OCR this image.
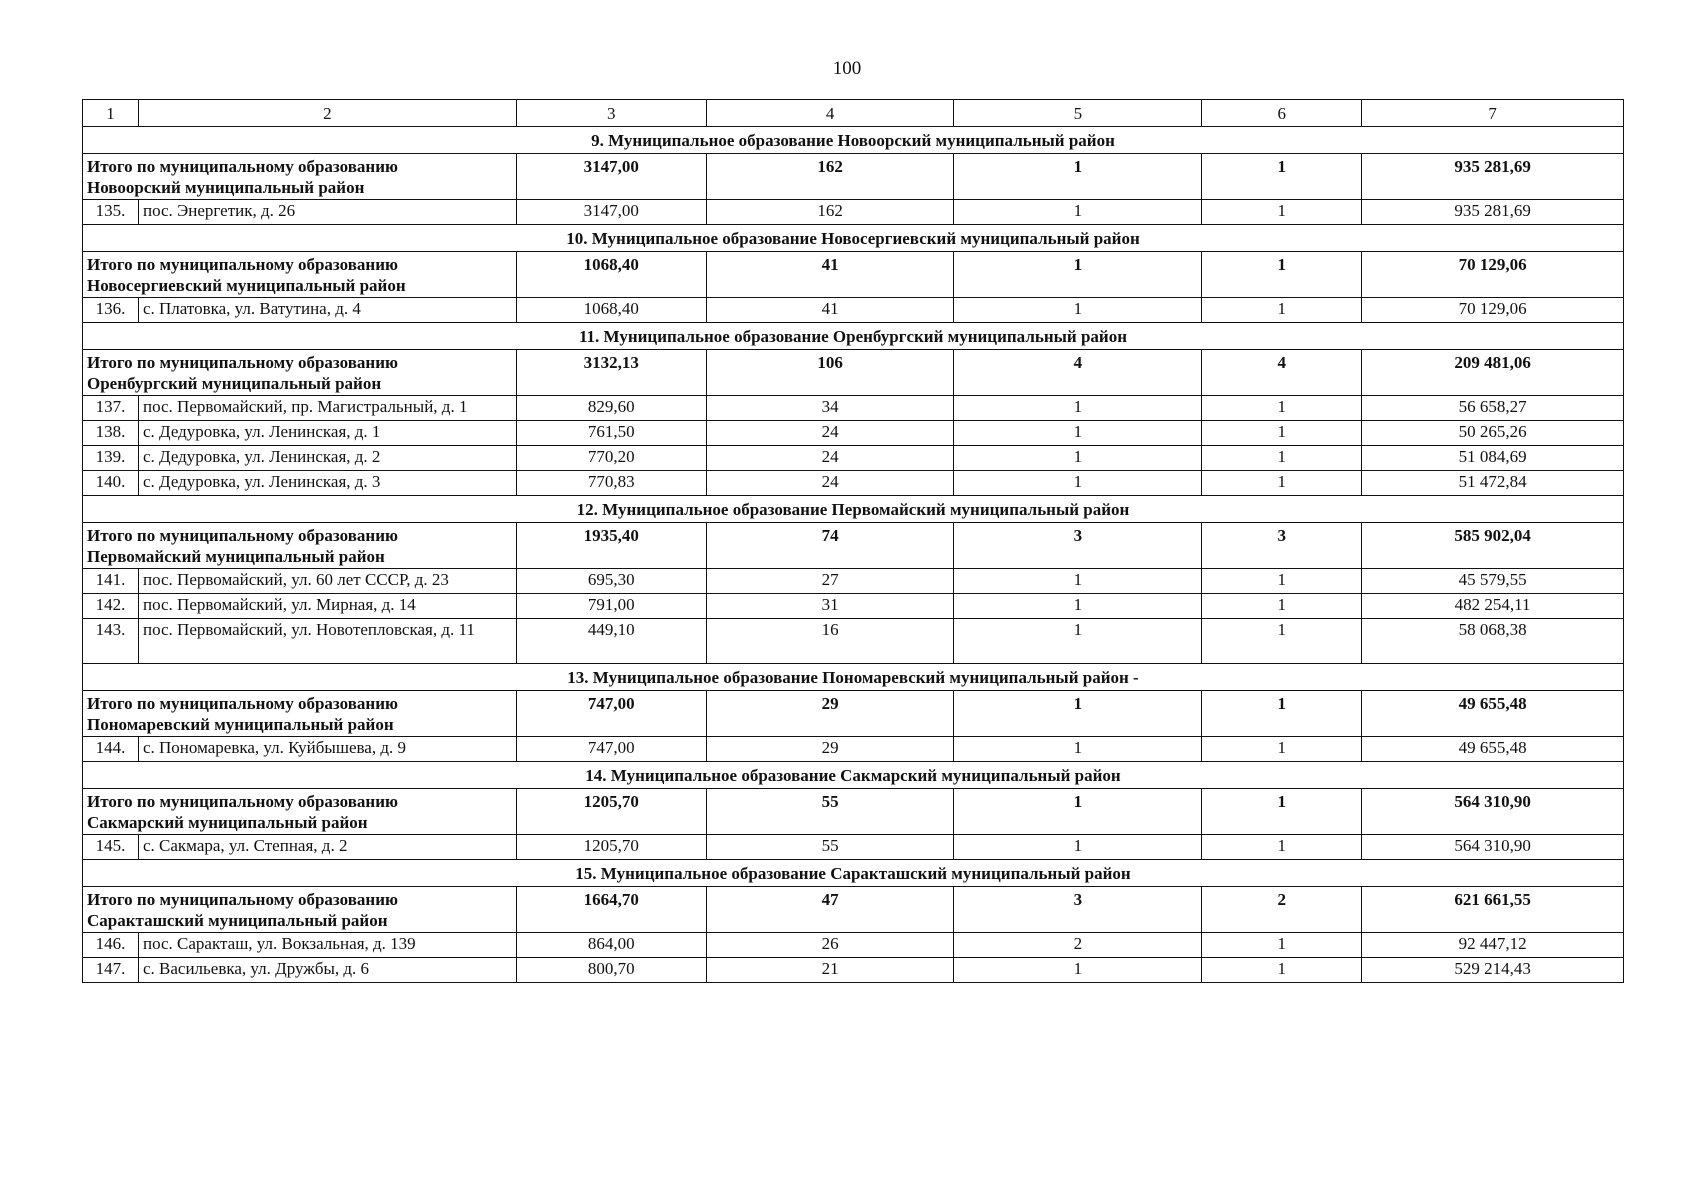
100
1	2	3	4	5	6	7
9. Муниципальное образование Новоорский муниципальный район						

Итого по муниципальному образованию
Новоорский муниципальный район		3147,00	162	1	1	935 281,69
135.	пос. Энергетик, д. 26	3147,00	162	1	1	935 281,69
10. Муниципальное образование Новосергиевский муниципальный район						

Итого по муниципальному образованию
Новосергиевский муниципальный район		1068,40	41	1	1	70 129,06
136.	с. Платовка, ул. Ватутина, д. 4	1068,40	41	1	1	70 129,06
11. Муниципальное образование Оренбургский муниципальный район						

Итого по муниципальному образованию
Оренбургский муниципальный район		3132,13	106	4	4	209 481,06
137.	пос. Первомайский, пр. Магистральный, д. 1	829,60	34	1	1	56 658,27
138.	с. Дедуровка, ул. Ленинская, д. 1	761,50	24	1	1	50 265,26
139.	с. Дедуровка, ул. Ленинская, д. 2	770,20	24	1	1	51 084,69
140.	с. Дедуровка, ул. Ленинская, д. 3	770,83	24	1	1	51 472,84
12. Муниципальное образование Первомайский муниципальный район						

Итого по муниципальному образованию
Первомайский муниципальный район		1935,40	74	3	3	585 902,04
141.	пос. Первомайский, ул. 60 лет СССР, д. 23	695,30	27	1	1	45 579,55
142.	пос. Первомайский, ул. Мирная, д. 14	791,00	31	1	1	482 254,11
143.	пос. Первомайский, ул. Новотепловская, д. 11	449,10	16	1	1	58 068,38
13. Муниципальное образование Пономаревский муниципальный район -						

Итого по муниципальному образованию
Пономаревский муниципальный район		747,00	29	1	1	49 655,48
144.	с. Пономаревка, ул. Куйбышева, д. 9	747,00	29	1	1	49 655,48
14. Муниципальное образование Сакмарский муниципальный район						

Итого по муниципальному образованию
Сакмарский муниципальный район		1205,70	55	1	1	564 310,90
145.	с. Сакмара, ул. Степная, д. 2	1205,70	55	1	1	564 310,90
15. Муниципальное образование Саракташский муниципальный район						

Итого по муниципальному образованию
Саракташский муниципальный район		1664,70	47	3	2	621 661,55
146.	пос. Саракташ, ул. Вокзальная, д. 139	864,00	26	2	1	92 447,12
147.	с. Васильевка, ул. Дружбы, д. 6	800,70	21	1	1	529 214,43
